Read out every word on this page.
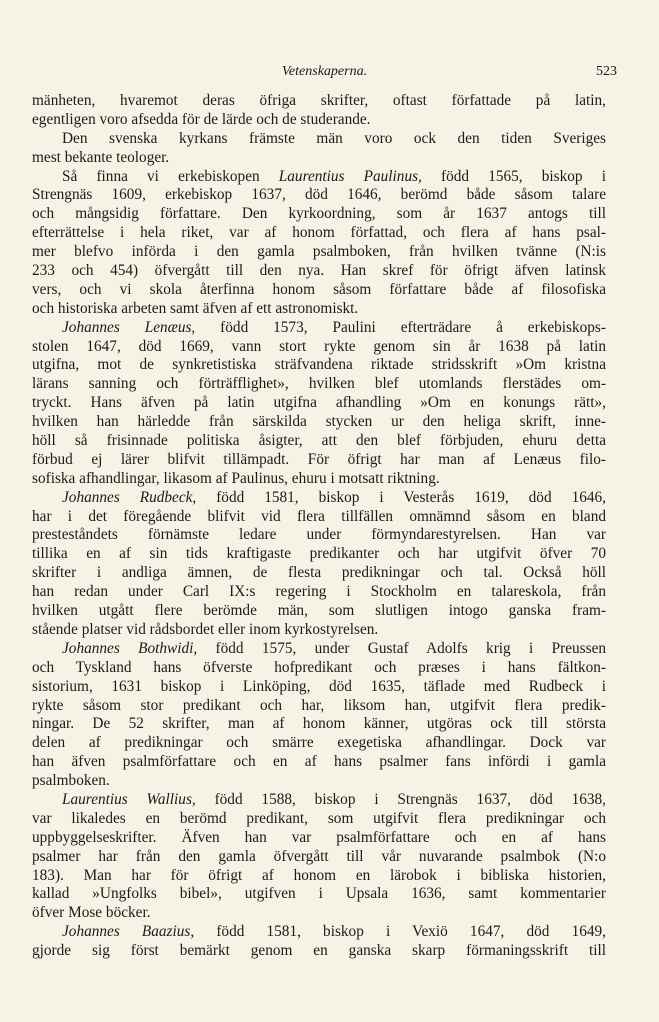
Vetenskaperna.	523
mänheten, hvaremot deras öfriga skrifter, oftast författade på latin,
egentligen voro afsedda för de lärde och de studerande.
Den svenska kyrkans främste män voro ock den tiden Sveriges
mest bekante teologer.
Så finna vi erkebiskopen Laurentius Paulinus, född 1565, biskop i
Strengnäs 1609, erkebiskop 1637, död 1646, berömd både såsom talare
och mångsidig författare. Den kyrkoordning, som år 1637 antogs till
efterrättelse i hela riket, var af honom författad, och flera af hans psal-
mer blefvo införda i den gamla psalmboken, från hvilken tvänne (N:is
233 och 454) öfvergått till den nya. Han skref för öfrigt äfven latinsk
vers, och vi skola återfinna honom såsom författare både af filosofiska
och historiska arbeten samt äfven af ett astronomiskt.
Johannes Lenæus, född 1573, Paulini efterträdare å erkebiskops-
stolen 1647, död 1669, vann stort rykte genom sin år 1638 på latin
utgifna, mot de synkretistiska sträfvandena riktade stridsskrift »Om kristna
lärans sanning och förträfflighet», hvilken blef utomlands flerstädes om-
tryckt. Hans äfven på latin utgifna afhandling »Om en konungs rätt»,
hvilken han härledde från särskilda stycken ur den heliga skrift, inne-
höll så frisinnade politiska åsigter, att den blef förbjuden, ehuru detta
förbud ej lärer blifvit tillämpadt. För öfrigt har man af Lenæus filo-
sofiska afhandlingar, likasom af Paulinus, ehuru i motsatt riktning.
Johannes Rudbeck, född 1581, biskop i Vesterås 1619, död 1646,
har i det föregående blifvit vid flera tillfällen omnämnd såsom en bland
presteståndets förnämste ledare under förmyndarestyrelsen. Han var
tillika en af sin tids kraftigaste predikanter och har utgifvit öfver 70
skrifter i andliga ämnen, de flesta predikningar och tal. Också höll
han redan under Carl IX:s regering i Stockholm en talareskola, från
hvilken utgått flere berömde män, som slutligen intogo ganska fram-
stående platser vid rådsbordet eller inom kyrkostyrelsen.
Johannes Bothwidi, född 1575, under Gustaf Adolfs krig i Preussen
och Tyskland hans öfverste hofpredikant och præses i hans fältkon-
sistorium, 1631 biskop i Linköping, död 1635, täflade med Rudbeck i
rykte såsom stor predikant och har, liksom han, utgifvit flera predik-
ningar. De 52 skrifter, man af honom känner, utgöras ock till största
delen af predikningar och smärre exegetiska afhandlingar. Dock var
han äfven psalmförfattare och en af hans psalmer fans infördi i gamla
psalmboken.
Laurentius Wallius, född 1588, biskop i Strengnäs 1637, död 1638,
var likaledes en berömd predikant, som utgifvit flera predikningar och
uppbyggelseskrifter. Äfven han var psalmförfattare och en af hans
psalmer har från den gamla öfvergått till vår nuvarande psalmbok (N:o
183). Man har för öfrigt af honom en lärobok i bibliska historien,
kallad »Ungfolks bibel», utgifven i Upsala 1636, samt kommentarier
öfver Mose böcker.
Johannes Baazius, född 1581, biskop i Vexiö 1647, död 1649,
gjorde sig först bemärkt genom en ganska skarp förmaningsskrift till
